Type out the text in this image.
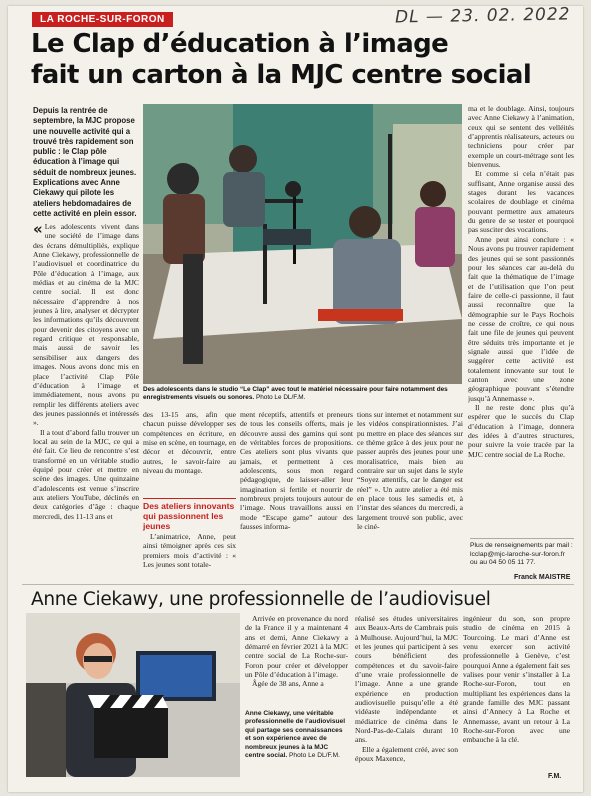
LA ROCHE-SUR-FORON	DL — 23. 02. 2022
Le Clap d’éducation à l’image
fait un carton à la MJC centre social
Depuis la rentrée de septembre, la MJC propose une nouvelle activité qui a trouvé très rapidement son public : le Clap pôle éducation à l’image qui séduit de nombreux jeunes. Explications avec Anne Ciekawy qui pilote les ateliers hebdomadaires de cette activité en plein essor.
Des adolescents dans le studio “Le Clap” avec tout le matériel nécessaire pour faire notamment des enregistrements visuels ou sonores. Photo Le DL/F.M.
« Les adolescents vivent dans une société de l’image dans des écrans démultipliés, explique Anne Ciekawy, professionnelle de l’audiovisuel et coordinatrice du Pôle d’éducation à l’image, aux médias et au cinéma de la MJC centre social. Il est donc nécessaire d’apprendre à nos jeunes à lire, analyser et décrypter les informations qu’ils découvrent pour devenir des citoyens avec un regard critique et responsable, mais aussi de savoir les sensibiliser aux dangers des images. Nous avons donc mis en place l’activité Clap Pôle d’éducation à l’image et immédiatement, nous avons pu remplir les différents ateliers avec des jeunes passionnés et intéressés ».

Il a tout d’abord fallu trouver un local au sein de la MJC, ce qui a été fait. Ce lieu de rencontre s’est transformé en un véritable studio équipé pour créer et mettre en scène des images. Une quinzaine d’adolescents est venue s’inscrire aux ateliers YouTube, déclinés en deux catégories d’âge : chaque mercredi, des 11-13 ans et

des 13-15 ans, afin que chacun puisse développer ses compétences en écriture, en mise en scène, en tournage, en décor et découvrir, entre autres, le savoir-faire au niveau du montage.

Des ateliers innovants qui passionnent les jeunes

L’animatrice, Anne, peut ainsi témoigner après ces six premiers mois d’activité : « Les jeunes sont totale-

ment réceptifs, attentifs et preneurs de tous les conseils offerts, mais je découvre aussi des gamins qui sont de véritables forces de propositions. Ces ateliers sont plus vivants que jamais, et permettent à ces adolescents, sous mon regard pédagogique, de laisser-aller leur imagination si fertile et nourrir de nombreux projets toujours autour de l’image. Nous travaillons aussi en mode “Escape game” autour des fausses informa-

tions sur internet et notamment sur les vidéos conspirationnistes. J’ai pu mettre en place des séances sur ce thème grâce à des jeux pour ne passer auprès des jeunes pour une moralisatrice, mais bien au contraire sur un sujet dans le style “Soyez attentifs, car le danger est réel” ». Un autre atelier a été mis en place tous les samedis et, à l’instar des séances du mercredi, a largement trouvé son public, avec le ciné-

ma et le doublage. Ainsi, toujours avec Anne Ciekawy à l’animation, ceux qui se sentent des velléités d’apprentis réalisateurs, acteurs ou techniciens pour créer par exemple un court-métrage sont les bienvenus.

Et comme si cela n’était pas suffisant, Anne organise aussi des stages durant les vacances scolaires de doublage et cinéma pouvant permettre aux amateurs du genre de se tester et pourquoi pas susciter des vocations.

Anne peut ainsi conclure : « Nous avons pu trouver rapidement des jeunes qui se sont passionnés pour les séances car au-delà du fait que la thématique de l’image et de l’utilisation que l’on peut faire de celle-ci passionne, il faut aussi reconnaître que la démographie sur le Pays Rochois ne cesse de croître, ce qui nous fait une file de jeunes qui peuvent être séduits très importante et je signale aussi que l’idée de suggérer cette activité est totalement innovante sur tout le canton avec une zone géographique pouvant s’étendre jusqu’à Annemasse ».

Il ne reste donc plus qu’à espérer que le succès du Clap d’éducation à l’image, donnera des idées à d’autres structures, pour suivre la voie tracée par la MJC centre social de La Roche.

Plus de renseignements par mail : lcclap@mjc-laroche-sur-foron.fr ou au 04 50 05 11 77.
Franck MAISTRE
Anne Ciekawy, une professionnelle de l’audiovisuel

Arrivée en provenance du nord de la France il y a maintenant 4 ans et demi, Anne Ciekawy a démarré en février 2021 à la MJC centre social de La Roche-sur-Foron pour créer et développer un Pôle d’éducation à l’image.

Âgée de 38 ans, Anne a

Anne Ciekawy, une véritable professionnelle de l’audiovisuel qui partage ses connaissances et son expérience avec de nombreux jeunes à la MJC centre social. Photo Le DL/F.M.

réalisé ses études universitaires aux Beaux-Arts de Cambrais puis à Mulhouse. Aujourd’hui, la MJC et les jeunes qui participent à ses cours bénéficient des compétences et du savoir-faire d’une vraie professionnelle de l’image. Anne a une grande expérience en production audiovisuelle puisqu’elle a été vidéaste indépendante et médiatrice de cinéma dans le Nord-Pas-de-Calais durant 10 ans.

Elle a également créé, avec son époux Maxence,

ingénieur du son, son propre studio de cinéma en 2015 à Tourcoing. Le mari d’Anne est venu exercer son activité professionnelle à Genève, c’est pourquoi Anne a également fait ses valises pour venir s’installer à La Roche-sur-Foron, tout en multipliant les expériences dans la grande famille des MJC passant ainsi d’Annecy à La Roche et Annemasse, avant un retour à La Roche-sur-Foron avec une embauche à la clé.

F.M.
